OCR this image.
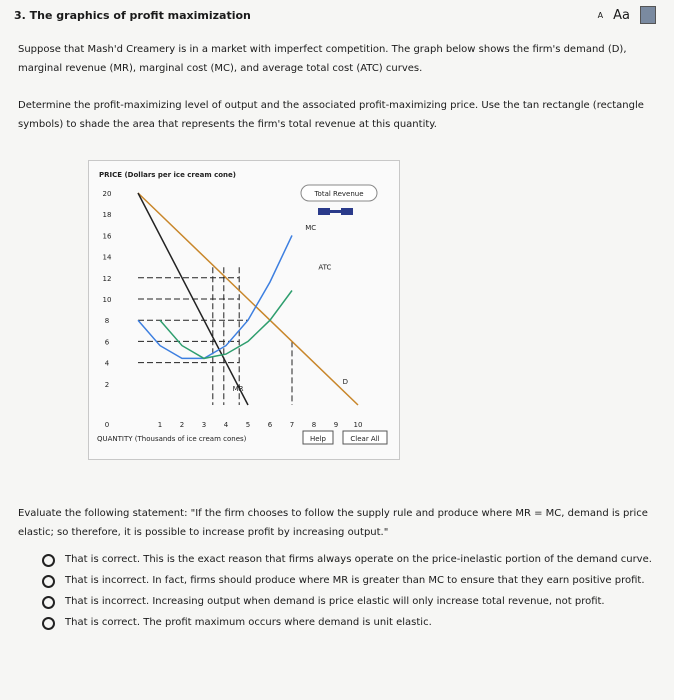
3. The graphics of profit maximization	A Aa
Suppose that Mash'd Creamery is in a market with imperfect competition. The graph below shows the firm's demand (D), marginal revenue (MR), marginal cost (MC), and average total cost (ATC) curves.
Determine the profit-maximizing level of output and the associated profit-maximizing price. Use the tan rectangle (rectangle symbols) to shade the area that represents the firm's total revenue at this quantity.
PRICE (Dollars per ice cream cone)
20
18
16
14
12
10
8
6
4
2
0	1	2	3	4	5	6	7	8	9 10
D
MR
MC
ATC
QUANTITY (Thousands of ice cream cones)
Total Revenue
Help	Clear All
Evaluate the following statement: "If the firm chooses to follow the supply rule and produce where MR = MC, demand is price elastic; so therefore, it is possible to increase profit by increasing output."
That is correct. This is the exact reason that firms always operate on the price-inelastic portion of the demand curve.
That is incorrect. In fact, firms should produce where MR is greater than MC to ensure that they earn positive profit.
That is incorrect. Increasing output when demand is price elastic will only increase total revenue, not profit.
That is correct. The profit maximum occurs where demand is unit elastic.
